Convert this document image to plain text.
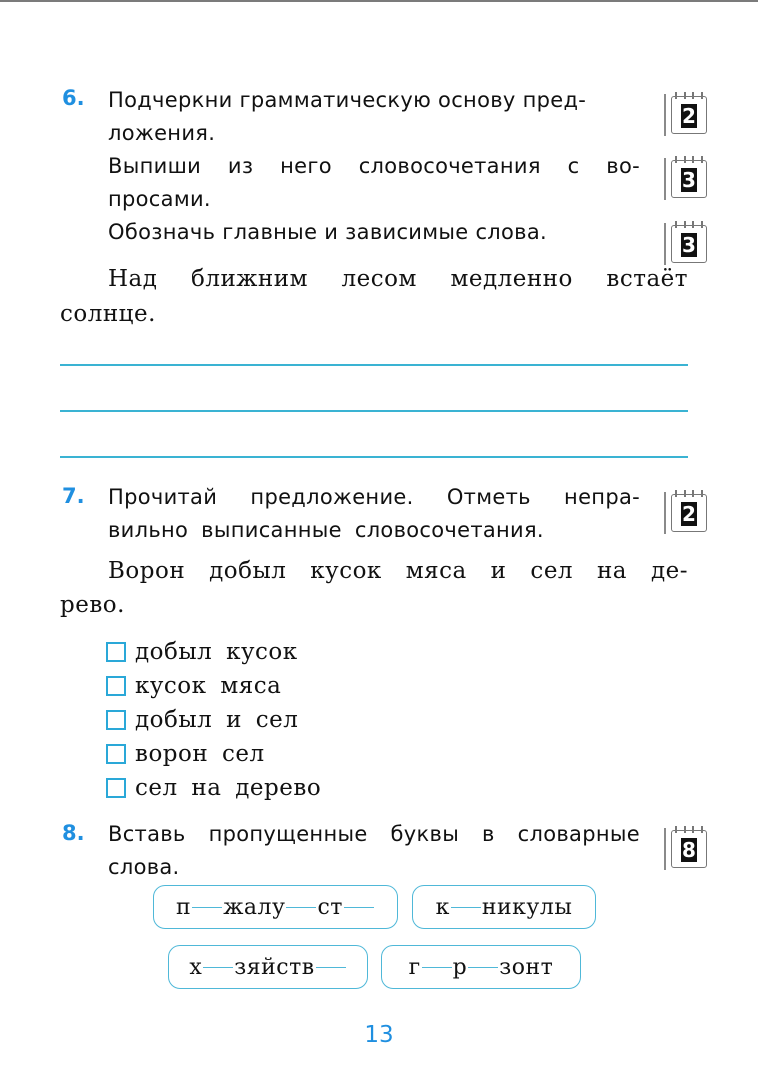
6. Подчеркни грамматическую основу пред-
ложения.
Выпиши из него словосочетания с во-
просами.
Обозначь главные и зависимые слова.
2
3
3
Над ближним лесом медленно встаёт
солнце.
7. Прочитай предложение. Отметь непра-
вильно выписанные словосочетания.
2
Ворон добыл кусок мяса и сел на де-
рево.
добыл кусок
кусок мяса
добыл и сел
ворон сел
сел на дерево
8. Вставь пропущенные буквы в словарные
слова.
8
п жалу ст	к никулы
х зяйств	г р зонт
13
